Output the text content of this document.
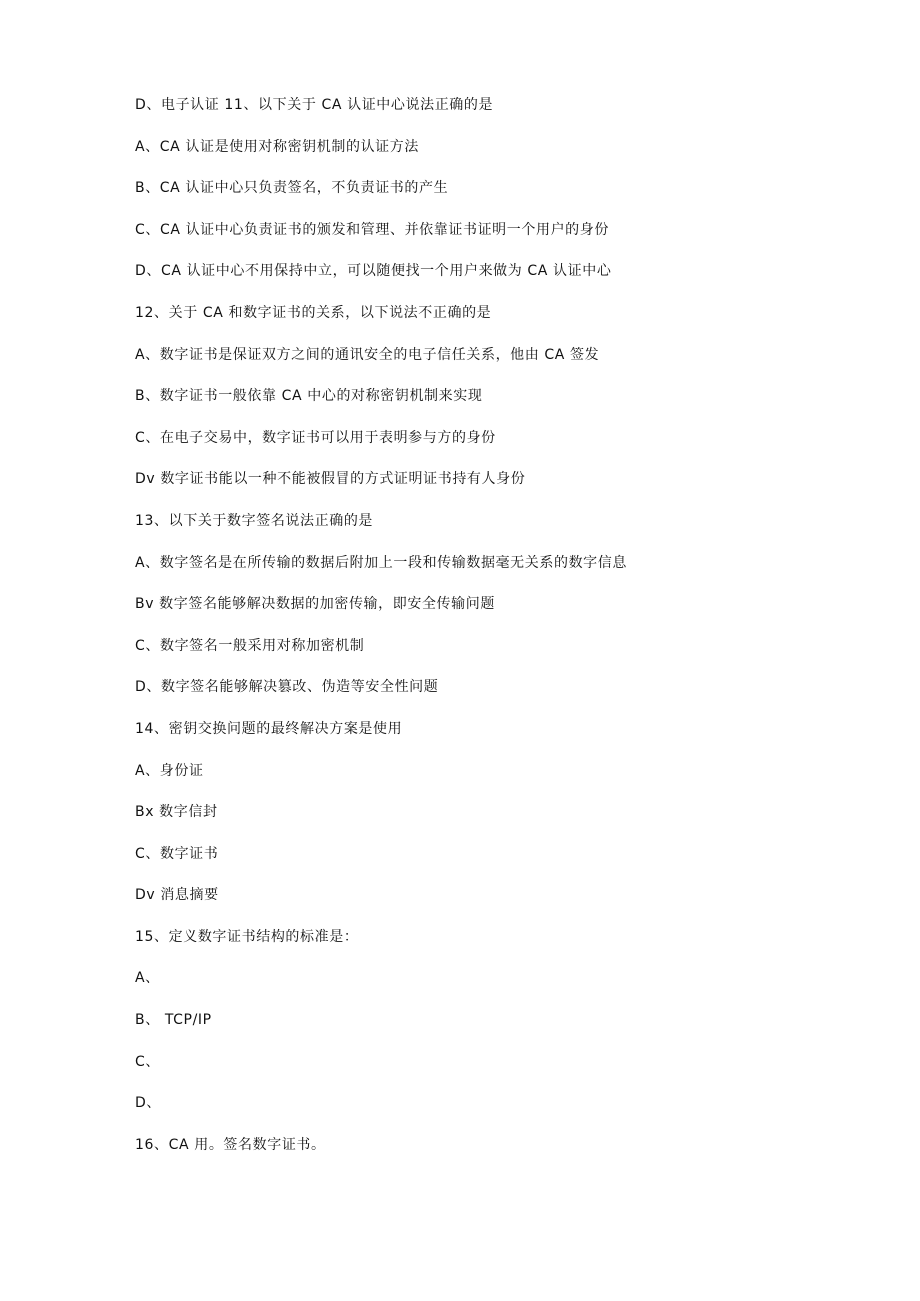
D、电子认证 11、以下关于 CA 认证中心说法正确的是
A、CA 认证是使用对称密钥机制的认证方法
B、CA 认证中心只负责签名，不负责证书的产生
C、CA 认证中心负责证书的颁发和管理、并依靠证书证明一个用户的身份
D、CA 认证中心不用保持中立，可以随便找一个用户来做为 CA 认证中心
12、关于 CA 和数字证书的关系，以下说法不正确的是
A、数字证书是保证双方之间的通讯安全的电子信任关系，他由 CA 签发
B、数字证书一般依靠 CA 中心的对称密钥机制来实现
C、在电子交易中，数字证书可以用于表明参与方的身份
Dv 数字证书能以一种不能被假冒的方式证明证书持有人身份
13、以下关于数字签名说法正确的是
A、数字签名是在所传输的数据后附加上一段和传输数据毫无关系的数字信息
Bv 数字签名能够解决数据的加密传输，即安全传输问题
C、数字签名一般采用对称加密机制
D、数字签名能够解决篡改、伪造等安全性问题
14、密钥交换问题的最终解决方案是使用
A、身份证
Bx 数字信封
C、数字证书
Dv 消息摘要
15、定义数字证书结构的标准是：
A、
B、 TCP/IP
C、
D、
16、CA 用。签名数字证书。
